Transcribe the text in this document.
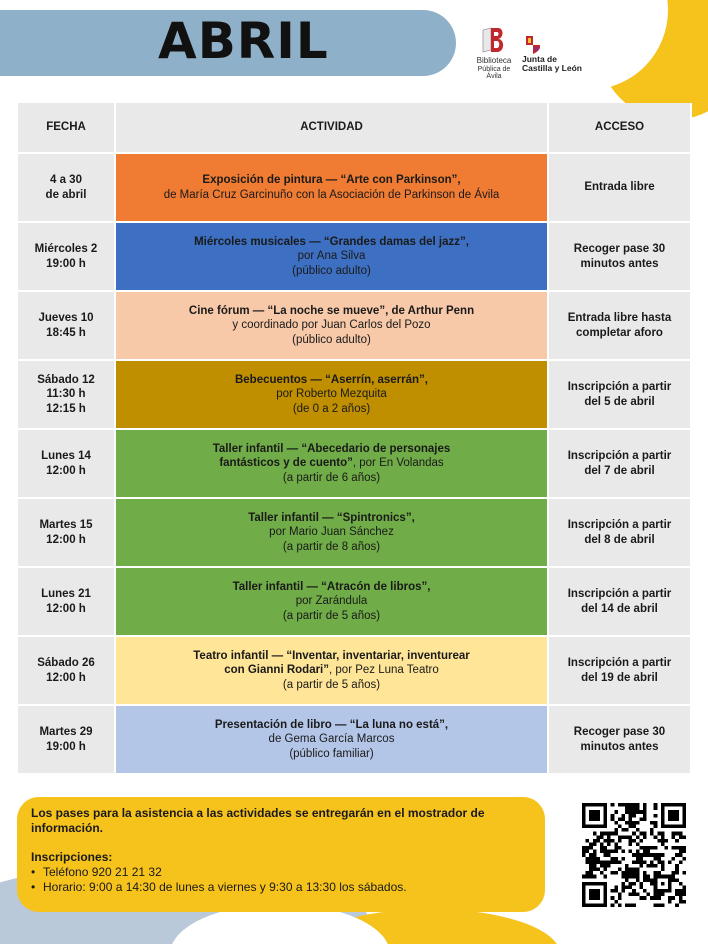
ABRIL	Biblioteca
Pública de Ávila
Junta de
Castilla y León
FECHA	ACTIVIDAD	ACCESO

4 a 30
de abril	Exposición de pintura — “Arte con Parkinson”,
de María Cruz Garcinuño con la Asociación de Parkinson de Ávila	Entrada libre

Miércoles 2
19:00 h	Miércoles musicales — “Grandes damas del jazz”,
por Ana Silva
(público adulto)	Recoger pase 30
minutos antes

Jueves 10
18:45 h	Cine fórum — “La noche se mueve”, de Arthur Penn
y coordinado por Juan Carlos del Pozo
(público adulto)	Entrada libre hasta
completar aforo

Sábado 12
11:30 h
12:15 h	Bebecuentos — “Aserrín, aserrán”,
por Roberto Mezquita
(de 0 a 2 años)	Inscripción a partir
del 5 de abril

Lunes 14
12:00 h	Taller infantil — “Abecedario de personajes
fantásticos y de cuento”, por En Volandas
(a partir de 6 años)	Inscripción a partir
del 7 de abril

Martes 15
12:00 h	Taller infantil — “Spintronics”,
por Mario Juan Sánchez
(a partir de 8 años)	Inscripción a partir
del 8 de abril

Lunes 21
12:00 h	Taller infantil — “Atracón de libros”,
por Zarándula
(a partir de 5 años)	Inscripción a partir
del 14 de abril

Sábado 26
12:00 h	Teatro infantil — “Inventar, inventariar, inventurear
con Gianni Rodari”, por Pez Luna Teatro
(a partir de 5 años)	Inscripción a partir
del 19 de abril

Martes 29
19:00 h	Presentación de libro — “La luna no está”,
de Gema García Marcos
(público familiar)	Recoger pase 30
minutos antes

Los pases para la asistencia a las actividades se entregarán en el mostrador de información.

Inscripciones:

• Teléfono 920 21 21 32
• Horario: 9:00 a 14:30 de lunes a viernes y 9:30 a 13:30 los sábados.
